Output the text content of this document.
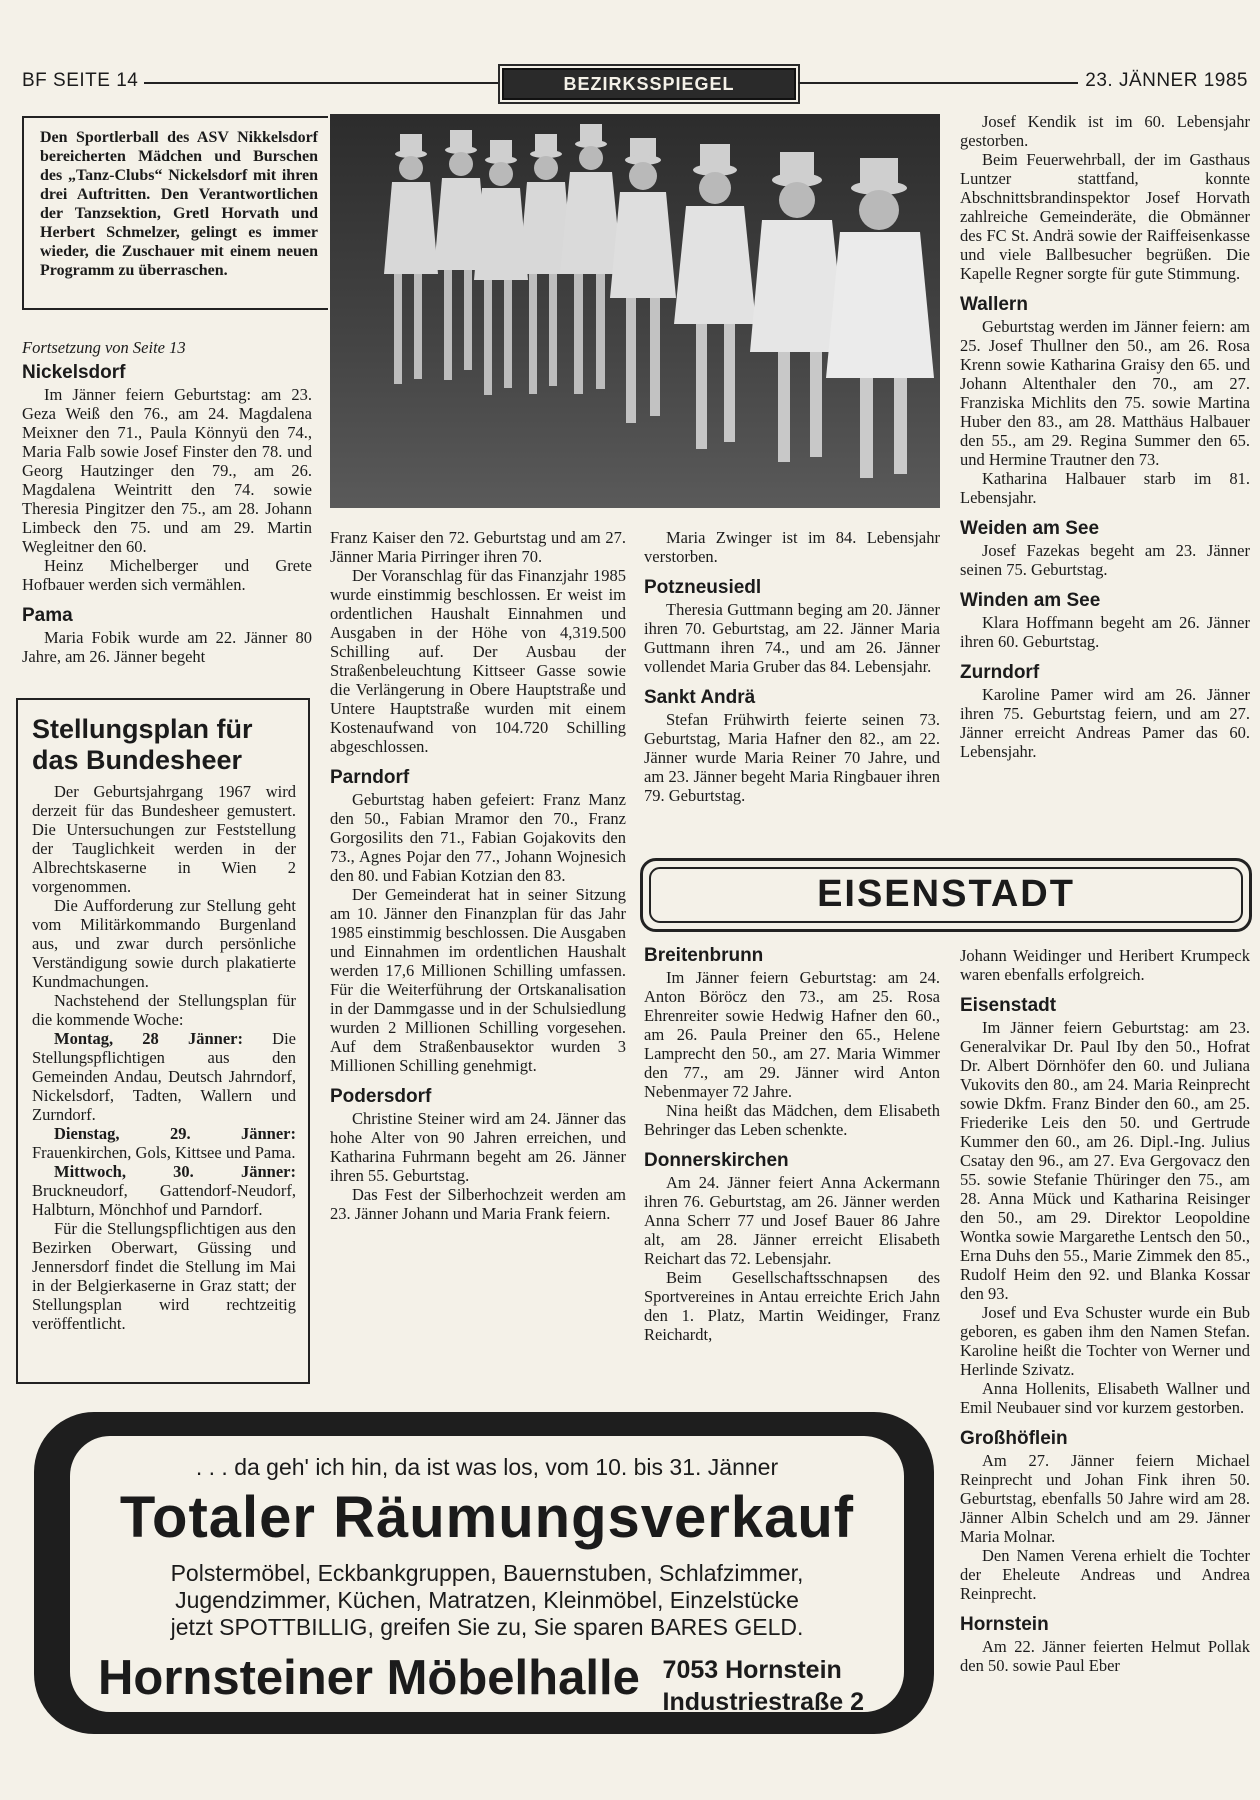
BF SEITE 14	BEZIRKSSPIEGEL	23. JÄNNER 1985
Den Sportlerball des ASV Nikkelsdorf bereicherten Mädchen und Burschen des „Tanz-Clubs“ Nickelsdorf mit ihren drei Auftritten. Den Verantwortlichen der Tanzsektion, Gretl Horvath und Herbert Schmelzer, gelingt es immer wieder, die Zuschauer mit einem neuen Programm zu überraschen.

Fortsetzung von Seite 13

Nickelsdorf

Im Jänner feiern Geburtstag: am 23. Geza Weiß den 76., am 24. Magdalena Meixner den 71., Paula Könnyü den 74., Maria Falb sowie Josef Finster den 78. und Georg Hautzinger den 79., am 26. Magdalena Weintritt den 74. sowie Theresia Pingitzer den 75., am 28. Johann Limbeck den 75. und am 29. Martin Wegleitner den 60.

Heinz Michelberger und Grete Hofbauer werden sich vermählen.

Pama

Maria Fobik wurde am 22. Jänner 80 Jahre, am 26. Jänner begeht

Stellungsplan für das Bundesheer

Der Geburtsjahrgang 1967 wird derzeit für das Bundesheer gemustert. Die Untersuchungen zur Feststellung der Tauglichkeit werden in der Albrechtskaserne in Wien 2 vorgenommen.

Die Aufforderung zur Stellung geht vom Militärkommando Burgenland aus, und zwar durch persönliche Verständigung sowie durch plakatierte Kundmachungen.

Nachstehend der Stellungsplan für die kommende Woche:

Montag, 28 Jänner: Die Stellungspflichtigen aus den Gemeinden Andau, Deutsch Jahrndorf, Nickelsdorf, Tadten, Wallern und Zurndorf.

Dienstag, 29. Jänner: Frauenkirchen, Gols, Kittsee und Pama.

Mittwoch, 30. Jänner: Bruckneudorf, Gattendorf-Neudorf, Halbturn, Mönchhof und Parndorf.

Für die Stellungspflichtigen aus den Bezirken Oberwart, Güssing und Jennersdorf findet die Stellung im Mai in der Belgierkaserne in Graz statt; der Stellungsplan wird rechtzeitig veröffentlicht.

Franz Kaiser den 72. Geburtstag und am 27. Jänner Maria Pirringer ihren 70.

Der Voranschlag für das Finanzjahr 1985 wurde einstimmig beschlossen. Er weist im ordentlichen Haushalt Einnahmen und Ausgaben in der Höhe von 4,319.500 Schilling auf. Der Ausbau der Straßenbeleuchtung Kittseer Gasse sowie die Verlängerung in Obere Hauptstraße und Untere Hauptstraße wurden mit einem Kostenaufwand von 104.720 Schilling abgeschlossen.

Parndorf

Geburtstag haben gefeiert: Franz Manz den 50., Fabian Mramor den 70., Franz Gorgosilits den 71., Fabian Gojakovits den 73., Agnes Pojar den 77., Johann Wojnesich den 80. und Fabian Kotzian den 83.

Der Gemeinderat hat in seiner Sitzung am 10. Jänner den Finanzplan für das Jahr 1985 einstimmig beschlossen. Die Ausgaben und Einnahmen im ordentlichen Haushalt werden 17,6 Millionen Schilling umfassen. Für die Weiterführung der Ortskanalisation in der Dammgasse und in der Schulsiedlung wurden 2 Millionen Schilling vorgesehen. Auf dem Straßenbausektor wurden 3 Millionen Schilling genehmigt.

Podersdorf

Christine Steiner wird am 24. Jänner das hohe Alter von 90 Jahren erreichen, und Katharina Fuhrmann begeht am 26. Jänner ihren 55. Geburtstag.

Das Fest der Silberhochzeit werden am 23. Jänner Johann und Maria Frank feiern.

Maria Zwinger ist im 84. Lebensjahr verstorben.

Potzneusiedl

Theresia Guttmann beging am 20. Jänner ihren 70. Geburtstag, am 22. Jänner Maria Guttmann ihren 74., und am 26. Jänner vollendet Maria Gruber das 84. Lebensjahr.

Sankt Andrä

Stefan Frühwirth feierte seinen 73. Geburtstag, Maria Hafner den 82., am 22. Jänner wurde Maria Reiner 70 Jahre, und am 23. Jänner begeht Maria Ringbauer ihren 79. Geburtstag.

Josef Kendik ist im 60. Lebensjahr gestorben.

Beim Feuerwehrball, der im Gasthaus Luntzer stattfand, konnte Abschnittsbrandinspektor Josef Horvath zahlreiche Gemeinderäte, die Obmänner des FC St. Andrä sowie der Raiffeisenkasse und viele Ballbesucher begrüßen. Die Kapelle Regner sorgte für gute Stimmung.

Wallern

Geburtstag werden im Jänner feiern: am 25. Josef Thullner den 50., am 26. Rosa Krenn sowie Katharina Graisy den 65. und Johann Altenthaler den 70., am 27. Franziska Michlits den 75. sowie Martina Huber den 83., am 28. Matthäus Halbauer den 55., am 29. Regina Summer den 65. und Hermine Trautner den 73.

Katharina Halbauer starb im 81. Lebensjahr.

Weiden am See

Josef Fazekas begeht am 23. Jänner seinen 75. Geburtstag.

Winden am See

Klara Hoffmann begeht am 26. Jänner ihren 60. Geburtstag.

Zurndorf

Karoline Pamer wird am 26. Jänner ihren 75. Geburtstag feiern, und am 27. Jänner erreicht Andreas Pamer das 60. Lebensjahr.

EISENSTADT
Breitenbrunn

Im Jänner feiern Geburtstag: am 24. Anton Böröcz den 73., am 25. Rosa Ehrenreiter sowie Hedwig Hafner den 60., am 26. Paula Preiner den 65., Helene Lamprecht den 50., am 27. Maria Wimmer den 77., am 29. Jänner wird Anton Nebenmayer 72 Jahre.

Nina heißt das Mädchen, dem Elisabeth Behringer das Leben schenkte.

Donnerskirchen

Am 24. Jänner feiert Anna Ackermann ihren 76. Geburtstag, am 26. Jänner werden Anna Scherr 77 und Josef Bauer 86 Jahre alt, am 28. Jänner erreicht Elisabeth Reichart das 72. Lebensjahr.

Beim Gesellschaftsschnapsen des Sportvereines in Antau erreichte Erich Jahn den 1. Platz, Martin Weidinger, Franz Reichardt,

Johann Weidinger und Heribert Krumpeck waren ebenfalls erfolgreich.

Eisenstadt

Im Jänner feiern Geburtstag: am 23. Generalvikar Dr. Paul Iby den 50., Hofrat Dr. Albert Dörnhöfer den 60. und Juliana Vukovits den 80., am 24. Maria Reinprecht sowie Dkfm. Franz Binder den 60., am 25. Friederike Leis den 50. und Gertrude Kummer den 60., am 26. Dipl.-Ing. Julius Csatay den 96., am 27. Eva Gergovacz den 55. sowie Stefanie Thüringer den 75., am 28. Anna Mück und Katharina Reisinger den 50., am 29. Direktor Leopoldine Wontka sowie Margarethe Lentsch den 50., Erna Duhs den 55., Marie Zimmek den 85., Rudolf Heim den 92. und Blanka Kossar den 93.

Josef und Eva Schuster wurde ein Bub geboren, es gaben ihm den Namen Stefan. Karoline heißt die Tochter von Werner und Herlinde Szivatz.

Anna Hollenits, Elisabeth Wallner und Emil Neubauer sind vor kurzem gestorben.

Großhöflein

Am 27. Jänner feiern Michael Reinprecht und Johan Fink ihren 50. Geburtstag, ebenfalls 50 Jahre wird am 28. Jänner Albin Schelch und am 29. Jänner Maria Molnar.

Den Namen Verena erhielt die Tochter der Eheleute Andreas und Andrea Reinprecht.

Hornstein

Am 22. Jänner feierten Helmut Pollak den 50. sowie Paul Eber

. . . da geh' ich hin, da ist was los, vom 10. bis 31. Jänner
Totaler Räumungsverkauf
Polstermöbel, Eckbankgruppen, Bauernstuben, Schlafzimmer,
Jugendzimmer, Küchen, Matratzen, Kleinmöbel, Einzelstücke
jetzt SPOTTBILLIG, greifen Sie zu, Sie sparen BARES GELD.
Hornsteiner Möbelhalle 7053 Hornstein
Industriestraße 2
